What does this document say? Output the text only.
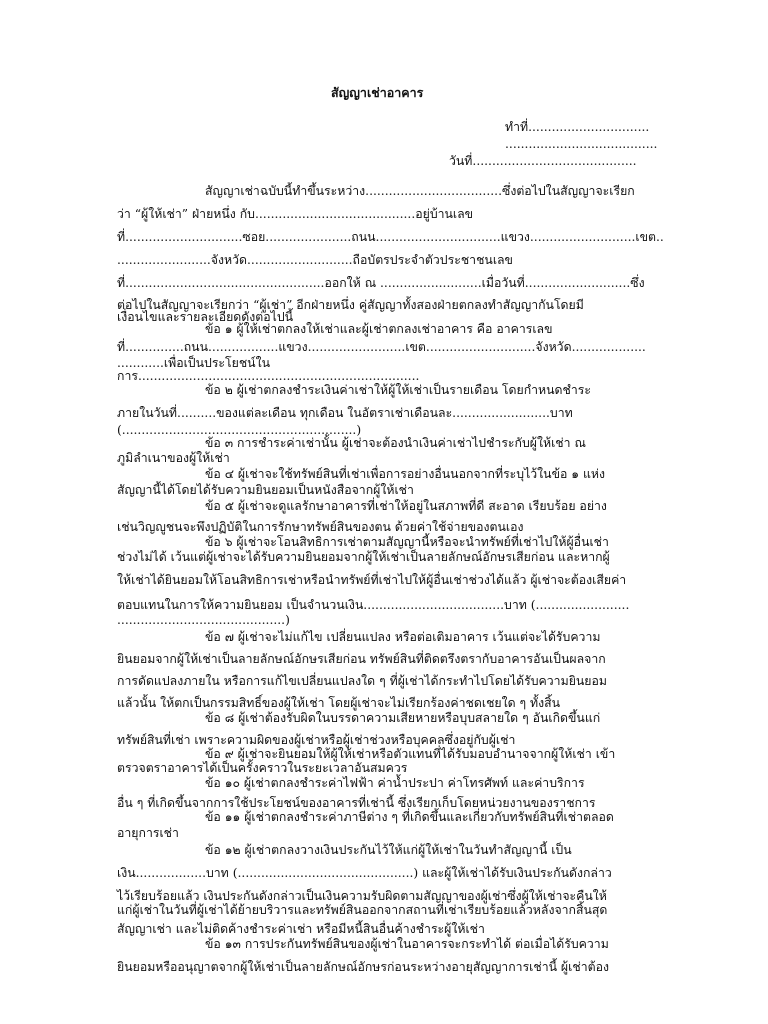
สัญญาเช่าอาคาร

ทำที่...............................

.......................................

วันที่..........................................

สัญญาเช่าฉบับนี้ทำขึ้นระหว่าง...................................ซึ่งต่อไปในสัญญาจะเรียก

ว่า “ผู้ให้เช่า” ฝ่ายหนึ่ง กับ.........................................อยู่บ้านเลข

ที่..............................ซอย......................ถนน................................แขวง...........................เขต..

........................จังหวัด...........................ถือบัตรประจำตัวประชาชนเลข

ที่...................................................ออกให้ ณ ..........................เมื่อวันที่...........................ซึ่ง

ต่อไปในสัญญาจะเรียกว่า “ผู้เช่า” อีกฝ่ายหนึ่ง คู่สัญญาทั้งสองฝ่ายตกลงทำสัญญากันโดยมี

เงื่อนไขและรายละเอียดดังต่อไปนี้

ข้อ ๑ ผู้ให้เช่าตกลงให้เช่าและผู้เช่าตกลงเช่าอาคาร คือ อาคารเลข

ที่...............ถนน..................แขวง.........................เขต............................จังหวัด...................

............เพื่อเป็นประโยชน์ใน

การ........................................................................

ข้อ ๒ ผู้เช่าตกลงชำระเงินค่าเช่าให้ผู้ให้เช่าเป็นรายเดือน โดยกำหนดชำระ

ภายในวันที่..........ของแต่ละเดือน ทุกเดือน ในอัตราเช่าเดือนละ.........................บาท

(............................................................)

ข้อ ๓ การชำระค่าเช่านั้น ผู้เช่าจะต้องนำเงินค่าเช่าไปชำระกับผู้ให้เช่า ณ

ภูมิลำเนาของผู้ให้เช่า

ข้อ ๔ ผู้เช่าจะใช้ทรัพย์สินที่เช่าเพื่อการอย่างอื่นนอกจากที่ระบุไว้ในข้อ ๑ แห่ง

สัญญานี้ได้โดยได้รับความยินยอมเป็นหนังสือจากผู้ให้เช่า

ข้อ ๕ ผู้เช่าจะดูแลรักษาอาคารที่เช่าให้อยู่ในสภาพที่ดี สะอาด เรียบร้อย อย่าง

เช่นวิญญูชนจะพึงปฏิบัติในการรักษาทรัพย์สินของตน ด้วยค่าใช้จ่ายของตนเอง

ข้อ ๖ ผู้เช่าจะโอนสิทธิการเช่าตามสัญญานี้หรือจะนำทรัพย์ที่เช่าไปให้ผู้อื่นเช่า

ช่วงไม่ได้ เว้นแต่ผู้เช่าจะได้รับความยินยอมจากผู้ให้เช่าเป็นลายลักษณ์อักษรเสียก่อน และหากผู้

ให้เช่าได้ยินยอมให้โอนสิทธิการเช่าหรือนำทรัพย์ที่เช่าไปให้ผู้อื่นเช่าช่วงได้แล้ว ผู้เช่าจะต้องเสียค่า

ตอบแทนในการให้ความยินยอม เป็นจำนวนเงิน....................................บาท (........................

...........................................)

ข้อ ๗ ผู้เช่าจะไม่แก้ไข เปลี่ยนแปลง หรือต่อเติมอาคาร เว้นแต่จะได้รับความ

ยินยอมจากผู้ให้เช่าเป็นลายลักษณ์อักษรเสียก่อน ทรัพย์สินที่ติดตรึงตรากับอาคารอันเป็นผลจาก

การดัดแปลงภายใน หรือการแก้ไขเปลี่ยนแปลงใด ๆ ที่ผู้เช่าได้กระทำไปโดยได้รับความยินยอม

แล้วนั้น ให้ตกเป็นกรรมสิทธิ์ของผู้ให้เช่า โดยผู้เช่าจะไม่เรียกร้องค่าชดเชยใด ๆ ทั้งสิ้น

ข้อ ๘ ผู้เช่าต้องรับผิดในบรรดาความเสียหายหรือบุบสลายใด ๆ อันเกิดขึ้นแก่

ทรัพย์สินที่เช่า เพราะความผิดของผู้เช่าหรือผู้เช่าช่วงหรือบุคคลซึ่งอยู่กับผู้เช่า

ข้อ ๙ ผู้เช่าจะยินยอมให้ผู้ให้เช่าหรือตัวแทนที่ได้รับมอบอำนาจจากผู้ให้เช่า เข้า

ตรวจตราอาคารได้เป็นครั้งคราวในระยะเวลาอันสมควร

ข้อ ๑๐ ผู้เช่าตกลงชำระค่าไฟฟ้า ค่าน้ำประปา ค่าโทรศัพท์ และค่าบริการ

อื่น ๆ ที่เกิดขึ้นจากการใช้ประโยชน์ของอาคารที่เช่านี้ ซึ่งเรียกเก็บโดยหน่วยงานของราชการ

ข้อ ๑๑ ผู้เช่าตกลงชำระค่าภาษีต่าง ๆ ที่เกิดขึ้นและเกี่ยวกับทรัพย์สินที่เช่าตลอด

อายุการเช่า

ข้อ ๑๒ ผู้เช่าตกลงวางเงินประกันไว้ให้แก่ผู้ให้เช่าในวันทำสัญญานี้ เป็น

เงิน..................บาท (.............................................) และผู้ให้เช่าได้รับเงินประกันดังกล่าว

ไว้เรียบร้อยแล้ว เงินประกันดังกล่าวเป็นเงินความรับผิดตามสัญญาของผู้เช่าซึ่งผู้ให้เช่าจะคืนให้

แก่ผู้เช่าในวันที่ผู้เช่าได้ย้ายบริวารและทรัพย์สินออกจากสถานที่เช่าเรียบร้อยแล้วหลังจากสิ้นสุด

สัญญาเช่า และไม่ติดค้างชำระค่าเช่า หรือมีหนี้สินอื่นค้างชำระผู้ให้เช่า

ข้อ ๑๓ การประกันทรัพย์สินของผู้เช่าในอาคารจะกระทำได้ ต่อเมื่อได้รับความ

ยินยอมหรืออนุญาตจากผู้ให้เช่าเป็นลายลักษณ์อักษรก่อนระหว่างอายุสัญญาการเช่านี้ ผู้เช่าต้อง
